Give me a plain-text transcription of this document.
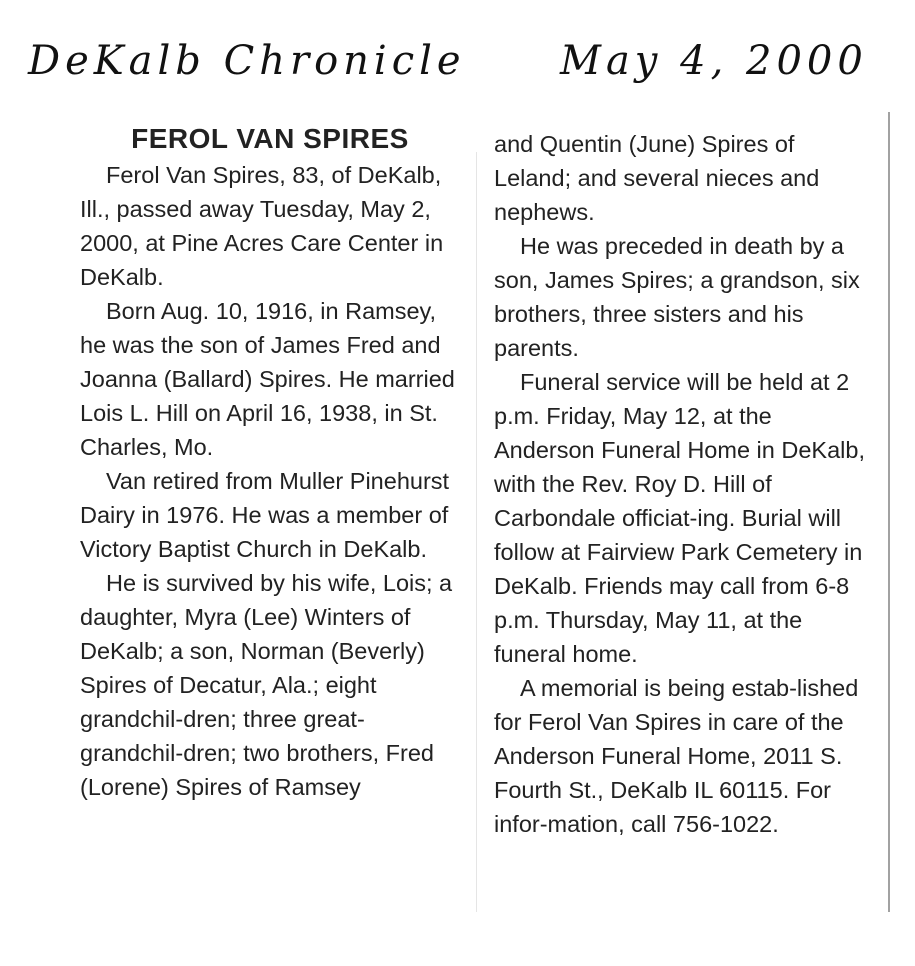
DeKalb Chronicle May 4, 2000
FEROL VAN SPIRES

Ferol Van Spires, 83, of DeKalb, Ill., passed away Tuesday, May 2, 2000, at Pine Acres Care Center in DeKalb.

Born Aug. 10, 1916, in Ramsey, he was the son of James Fred and Joanna (Ballard) Spires. He married Lois L. Hill on April 16, 1938, in St. Charles, Mo.

Van retired from Muller Pinehurst Dairy in 1976. He was a member of Victory Baptist Church in DeKalb.

He is survived by his wife, Lois; a daughter, Myra (Lee) Winters of DeKalb; a son, Norman (Beverly) Spires of Decatur, Ala.; eight grandchil-dren; three great-grandchil-dren; two brothers, Fred (Lorene) Spires of Ramsey

and Quentin (June) Spires of Leland; and several nieces and nephews.

He was preceded in death by a son, James Spires; a grandson, six brothers, three sisters and his parents.

Funeral service will be held at 2 p.m. Friday, May 12, at the Anderson Funeral Home in DeKalb, with the Rev. Roy D. Hill of Carbondale officiat-ing. Burial will follow at Fairview Park Cemetery in DeKalb. Friends may call from 6-8 p.m. Thursday, May 11, at the funeral home.

A memorial is being estab-lished for Ferol Van Spires in care of the Anderson Funeral Home, 2011 S. Fourth St., DeKalb IL 60115. For infor-mation, call 756-1022.
